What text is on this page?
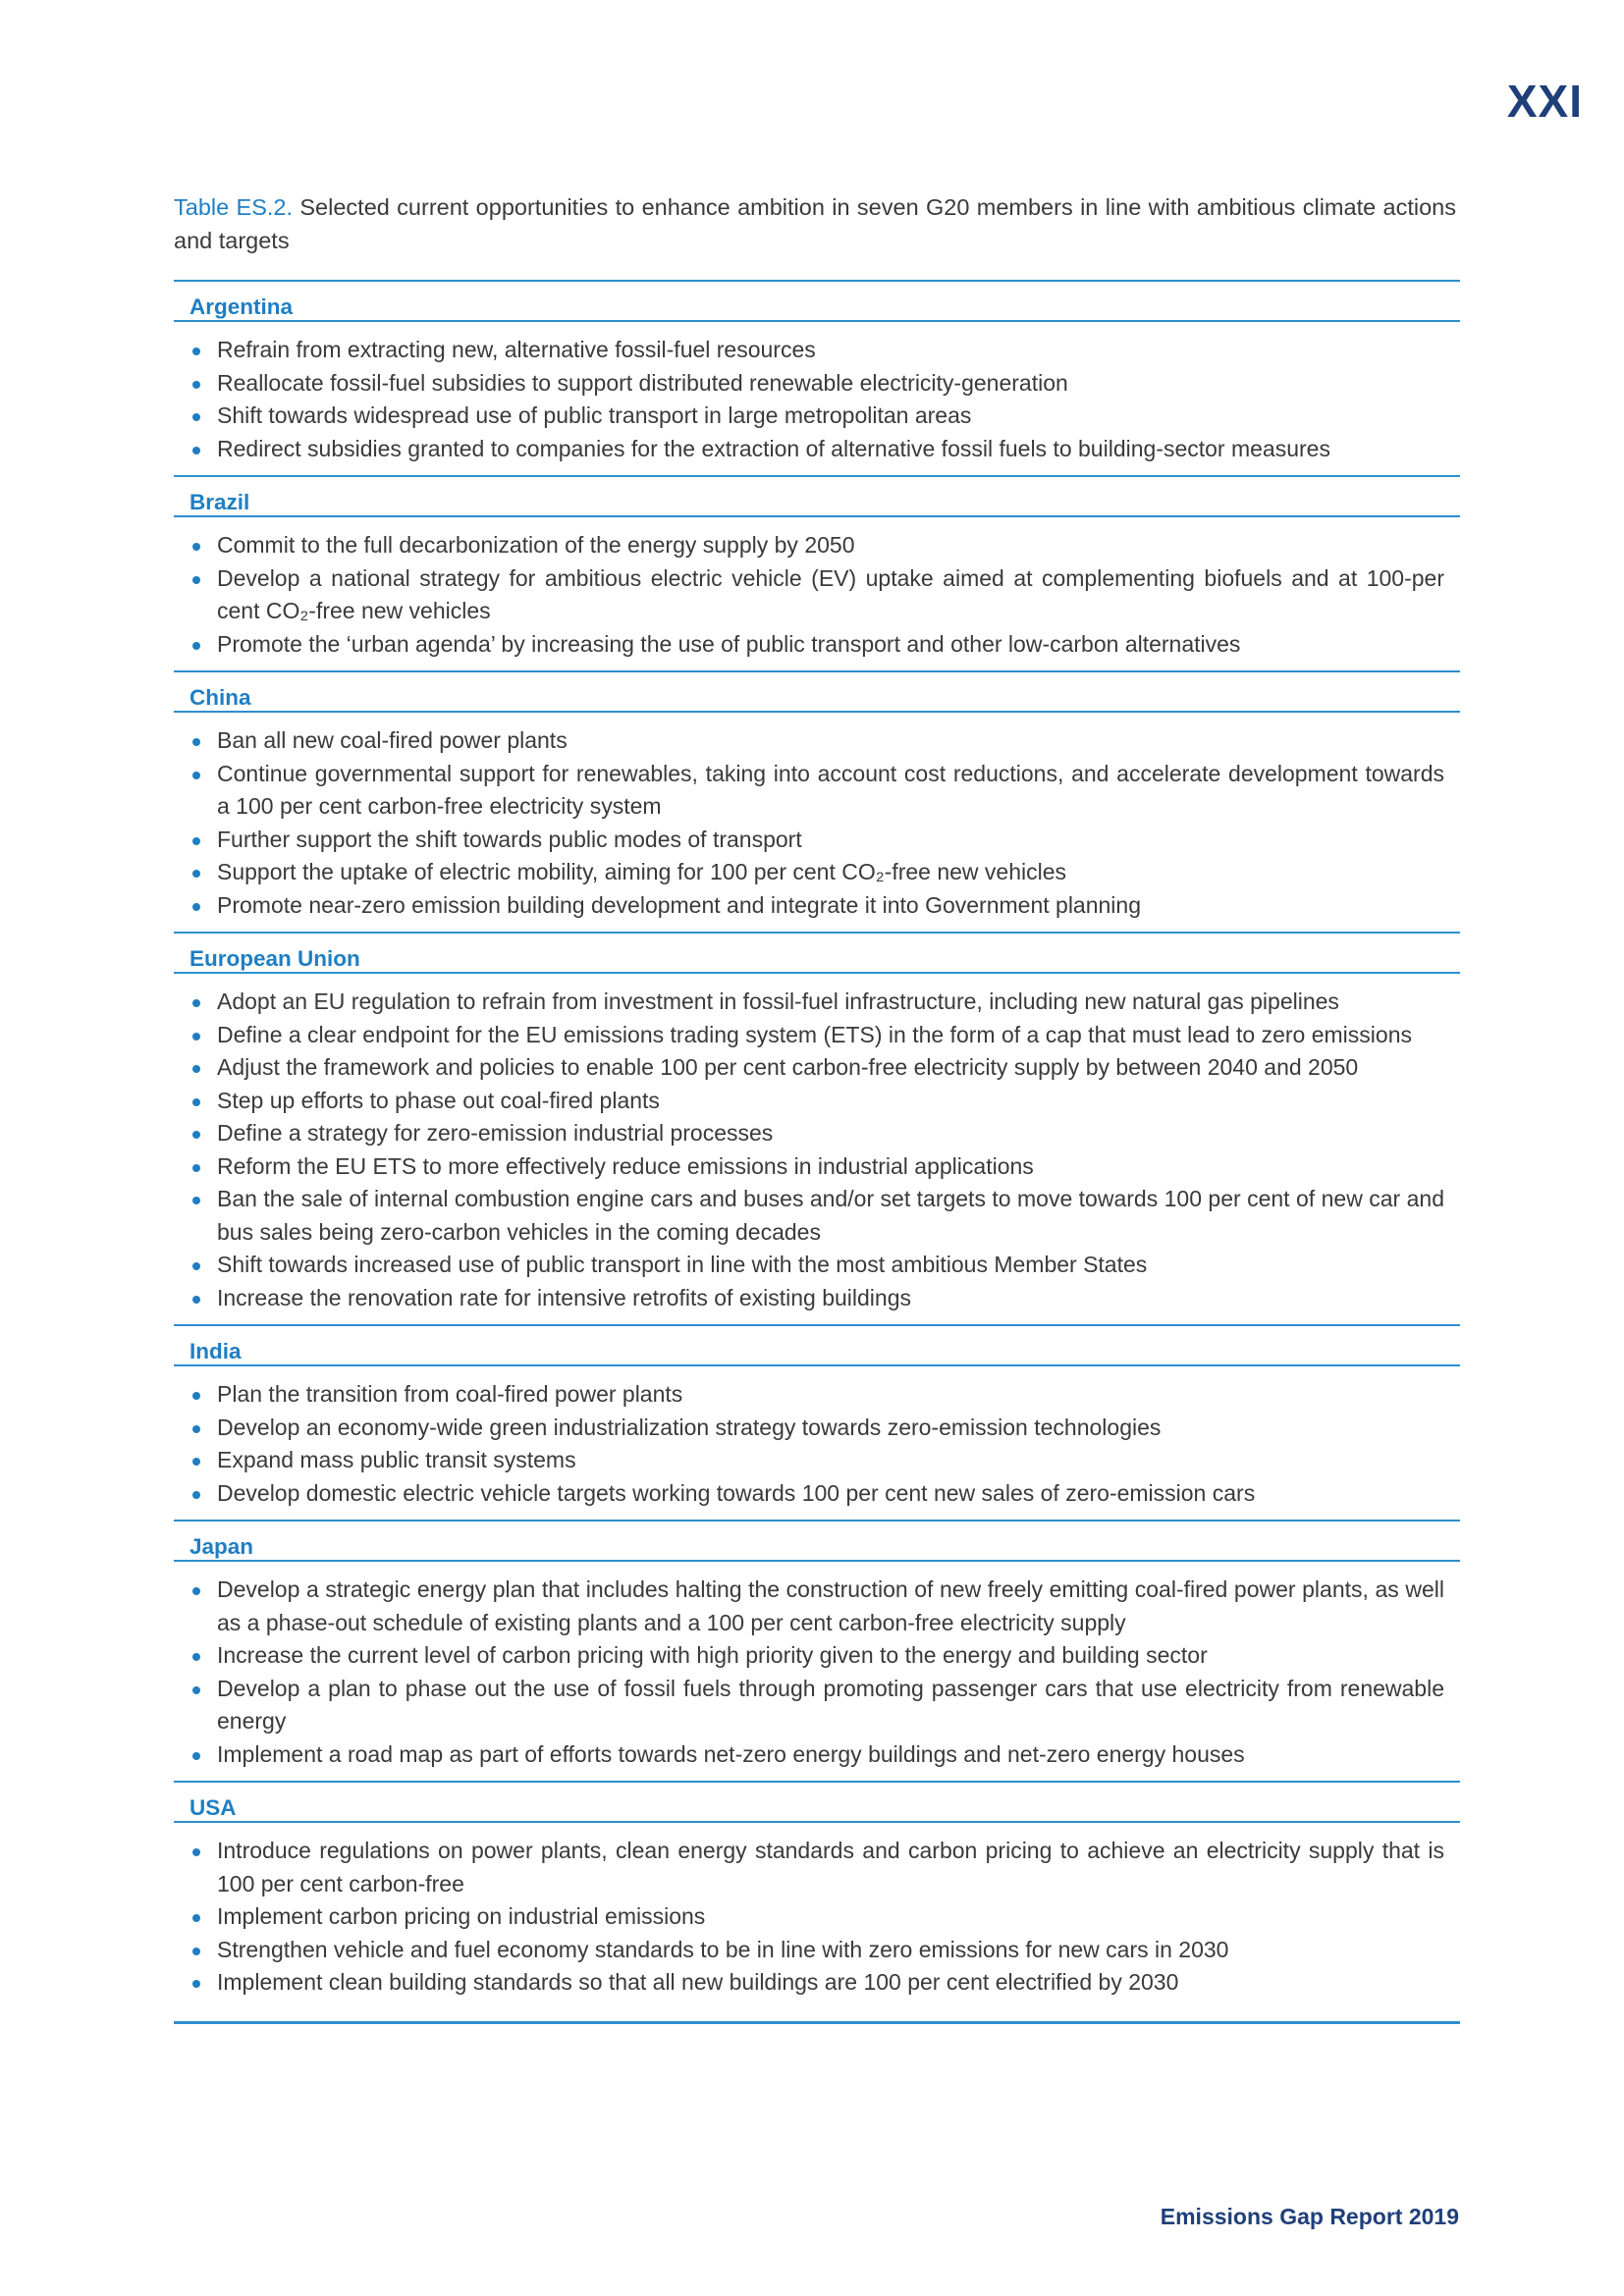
XXI
Table ES.2. Selected current opportunities to enhance ambition in seven G20 members in line with ambitious climate actions and targets
Argentina
Refrain from extracting new, alternative fossil-fuel resources
Reallocate fossil-fuel subsidies to support distributed renewable electricity-generation
Shift towards widespread use of public transport in large metropolitan areas
Redirect subsidies granted to companies for the extraction of alternative fossil fuels to building-sector measures
Brazil
Commit to the full decarbonization of the energy supply by 2050
Develop a national strategy for ambitious electric vehicle (EV) uptake aimed at complementing biofuels and at 100-per cent CO₂-free new vehicles
Promote the ‘urban agenda’ by increasing the use of public transport and other low-carbon alternatives
China
Ban all new coal-fired power plants
Continue governmental support for renewables, taking into account cost reductions, and accelerate development towards a 100 per cent carbon-free electricity system
Further support the shift towards public modes of transport
Support the uptake of electric mobility, aiming for 100 per cent CO₂-free new vehicles
Promote near-zero emission building development and integrate it into Government planning
European Union
Adopt an EU regulation to refrain from investment in fossil-fuel infrastructure, including new natural gas pipelines
Define a clear endpoint for the EU emissions trading system (ETS) in the form of a cap that must lead to zero emissions
Adjust the framework and policies to enable 100 per cent carbon-free electricity supply by between 2040 and 2050
Step up efforts to phase out coal-fired plants
Define a strategy for zero-emission industrial processes
Reform the EU ETS to more effectively reduce emissions in industrial applications
Ban the sale of internal combustion engine cars and buses and/or set targets to move towards 100 per cent of new car and bus sales being zero-carbon vehicles in the coming decades
Shift towards increased use of public transport in line with the most ambitious Member States
Increase the renovation rate for intensive retrofits of existing buildings
India
Plan the transition from coal-fired power plants
Develop an economy-wide green industrialization strategy towards zero-emission technologies
Expand mass public transit systems
Develop domestic electric vehicle targets working towards 100 per cent new sales of zero-emission cars
Japan
Develop a strategic energy plan that includes halting the construction of new freely emitting coal-fired power plants, as well as a phase-out schedule of existing plants and a 100 per cent carbon-free electricity supply
Increase the current level of carbon pricing with high priority given to the energy and building sector
Develop a plan to phase out the use of fossil fuels through promoting passenger cars that use electricity from renewable energy
Implement a road map as part of efforts towards net-zero energy buildings and net-zero energy houses
USA
Introduce regulations on power plants, clean energy standards and carbon pricing to achieve an electricity supply that is 100 per cent carbon-free
Implement carbon pricing on industrial emissions
Strengthen vehicle and fuel economy standards to be in line with zero emissions for new cars in 2030
Implement clean building standards so that all new buildings are 100 per cent electrified by 2030
Emissions Gap Report 2019
